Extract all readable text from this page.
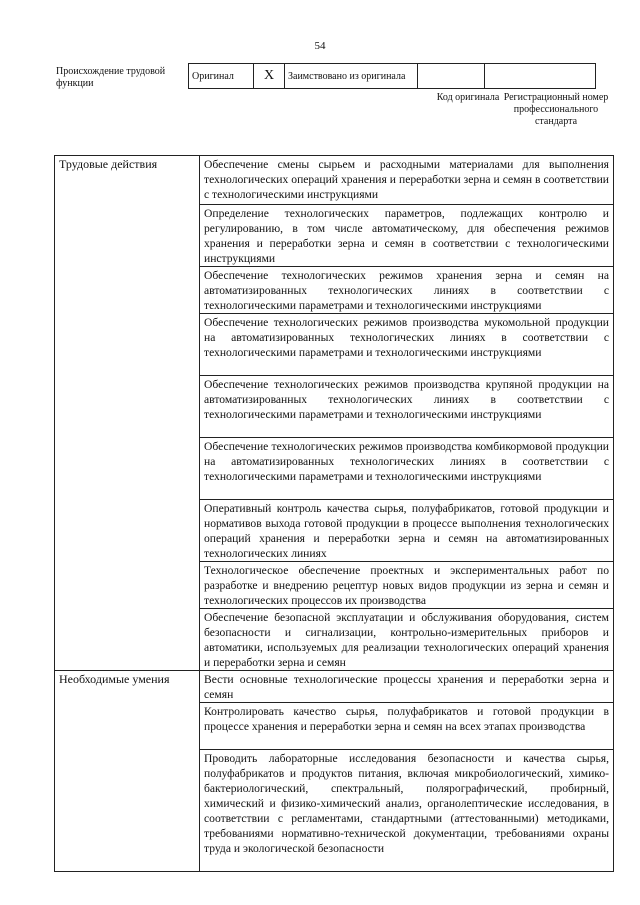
54
Происхождение трудовой функции
Оригинал	X	Заимствовано из оригинала		
Код оригинала Регистрационный номер профессионального стандарта
Трудовые действия	Обеспечение смены сырьем и расходными материалами для выполнения технологических операций хранения и переработки зерна и семян в соответствии с технологическими инструкциями
	Определение технологических параметров, подлежащих контролю и регулированию, в том числе автоматическому, для обеспечения режимов хранения и переработки зерна и семян в соответствии с технологическими инструкциями
	Обеспечение технологических режимов хранения зерна и семян на автоматизированных технологических линиях в соответствии с технологическими параметрами и технологическими инструкциями
	Обеспечение технологических режимов производства мукомольной продукции на автоматизированных технологических линиях в соответствии с технологическими параметрами и технологическими инструкциями
	Обеспечение технологических режимов производства крупяной продукции на автоматизированных технологических линиях в соответствии с технологическими параметрами и технологическими инструкциями
	Обеспечение технологических режимов производства комбикормовой продукции на автоматизированных технологических линиях в соответствии с технологическими параметрами и технологическими инструкциями
	Оперативный контроль качества сырья, полуфабрикатов, готовой продукции и нормативов выхода готовой продукции в процессе выполнения технологических операций хранения и переработки зерна и семян на автоматизированных технологических линиях
	Технологическое обеспечение проектных и экспериментальных работ по разработке и внедрению рецептур новых видов продукции из зерна и семян и технологических процессов их производства
	Обеспечение безопасной эксплуатации и обслуживания оборудования, систем безопасности и сигнализации, контрольно-измерительных приборов и автоматики, используемых для реализации технологических операций хранения и переработки зерна и семян
Необходимые умения	Вести основные технологические процессы хранения и переработки зерна и семян
	Контролировать качество сырья, полуфабрикатов и готовой продукции в процессе хранения и переработки зерна и семян на всех этапах производства
	Проводить лабораторные исследования безопасности и качества сырья, полуфабрикатов и продуктов питания, включая микробиологический, химико-бактериологический, спектральный, полярографический, пробирный, химический и физико-химический анализ, органолептические исследования, в соответствии с регламентами, стандартными (аттестованными) методиками, требованиями нормативно-технической документации, требованиями охраны труда и экологической безопасности
